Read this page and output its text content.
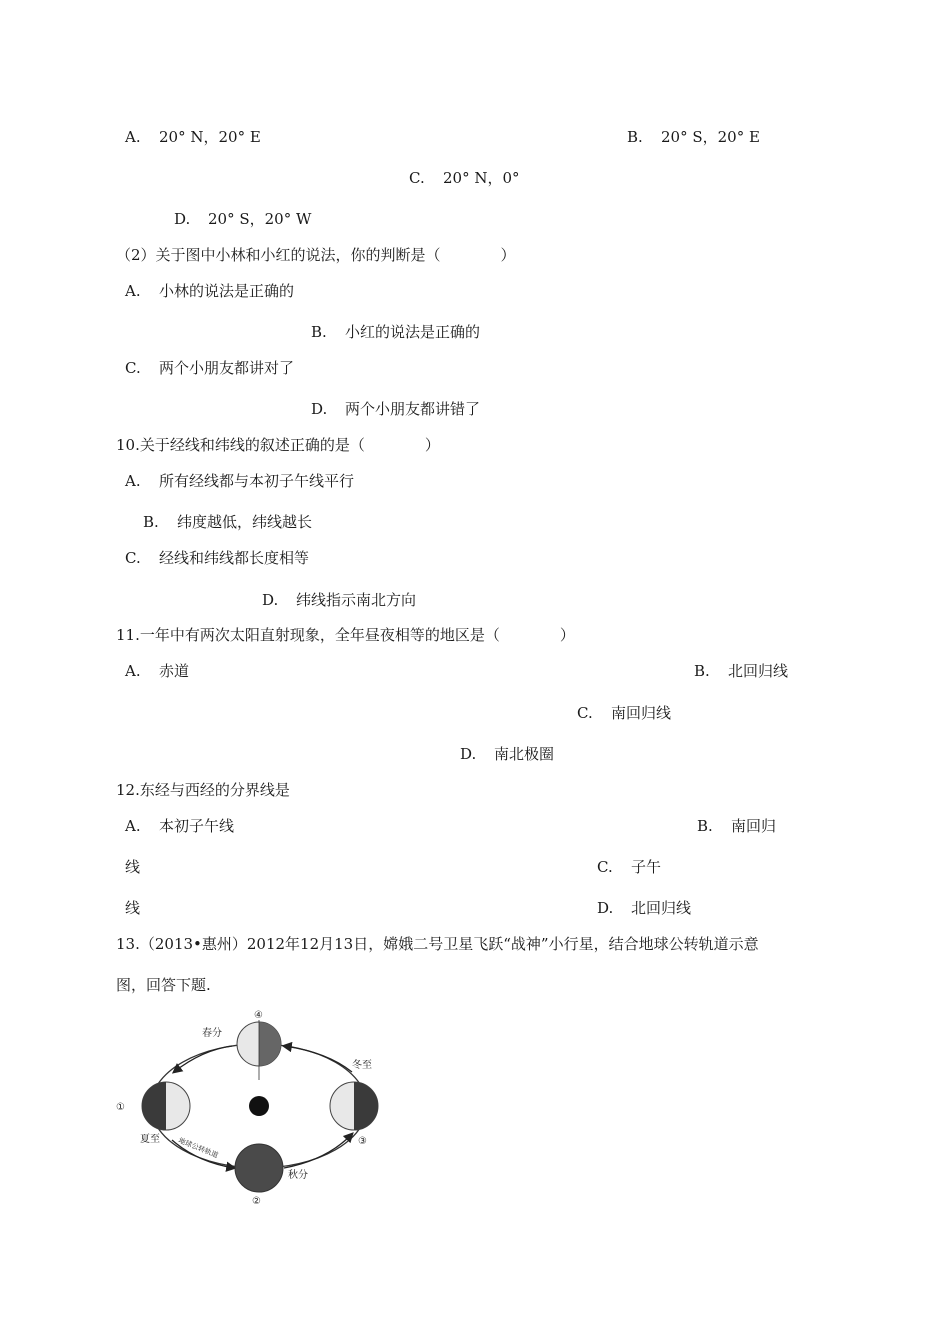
A. 20° N，20° E	B. 20° S，20° E
C. 20° N，0°
D. 20° S，20° W
（2）关于图中小林和小红的说法，你的判断是（　　　　）
A. 小林的说法是正确的
B. 小红的说法是正确的
C. 两个小朋友都讲对了
D. 两个小朋友都讲错了
10.关于经线和纬线的叙述正确的是（　　　　）
A. 所有经线都与本初子午线平行
B. 纬度越低，纬线越长
C. 经线和纬线都长度相等
D. 纬线指示南北方向
11.一年中有两次太阳直射现象，全年昼夜相等的地区是（　　　　）
A. 赤道	B. 北回归线
C. 南回归线
D. 南北极圈
12.东经与西经的分界线是
A. 本初子午线	B. 南回归
线	C. 子午
线	D. 北回归线
13.（2013•惠州）2012年12月13日，嫦娥二号卫星飞跃“战神”小行星，结合地球公转轨道示意
图，回答下题.
春分
④
冬至
①
夏至	③
秋分
②
地球公转轨道
